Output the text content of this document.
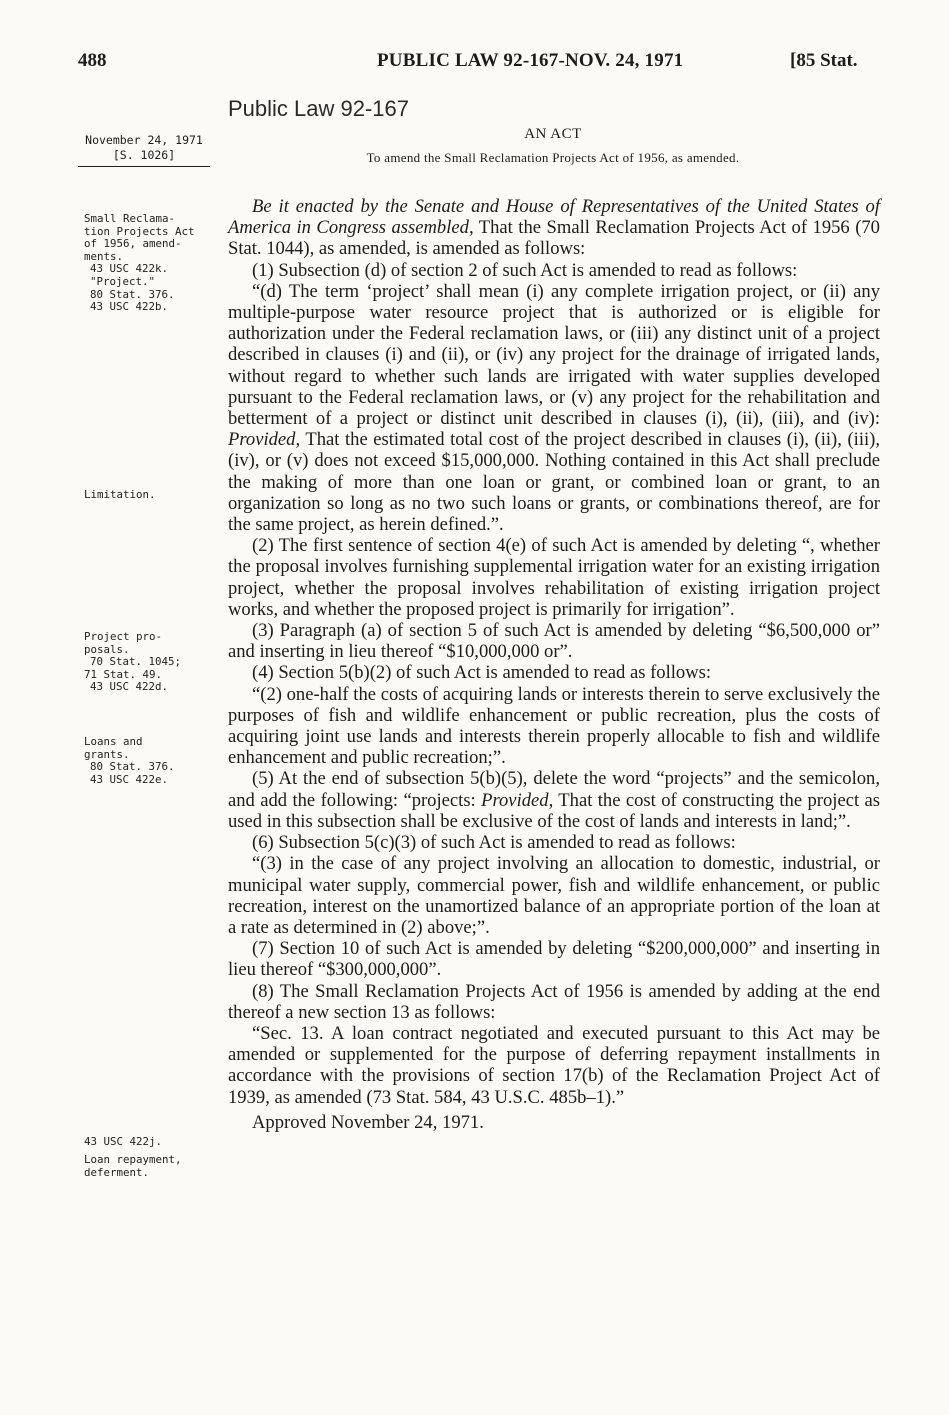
488	PUBLIC LAW 92-167-NOV. 24, 1971	[85 Stat.
Public Law 92-167
November 24, 1971
[S. 1026]
AN ACT
To amend the Small Reclamation Projects Act of 1956, as amended.

Be it enacted by the Senate and House of Representatives of the United States of America in Congress assembled, That the Small Reclamation Projects Act of 1956 (70 Stat. 1044), as amended, is amended as follows:

(1) Subsection (d) of section 2 of such Act is amended to read as follows:

“(d) The term ‘project’ shall mean (i) any complete irrigation project, or (ii) any multiple-purpose water resource project that is authorized or is eligible for authorization under the Federal reclamation laws, or (iii) any distinct unit of a project described in clauses (i) and (ii), or (iv) any project for the drainage of irrigated lands, without regard to whether such lands are irrigated with water supplies developed pursuant to the Federal reclamation laws, or (v) any project for the rehabilitation and betterment of a project or distinct unit described in clauses (i), (ii), (iii), and (iv): Provided, That the estimated total cost of the project described in clauses (i), (ii), (iii), (iv), or (v) does not exceed $15,000,000. Nothing contained in this Act shall preclude the making of more than one loan or grant, or combined loan or grant, to an organization so long as no two such loans or grants, or combinations thereof, are for the same project, as herein defined.”.

(2) The first sentence of section 4(e) of such Act is amended by deleting “, whether the proposal involves furnishing supplemental irrigation water for an existing irrigation project, whether the proposal involves rehabilitation of existing irrigation project works, and whether the proposed project is primarily for irrigation”.

(3) Paragraph (a) of section 5 of such Act is amended by deleting “$6,500,000 or” and inserting in lieu thereof “$10,000,000 or”.

(4) Section 5(b)(2) of such Act is amended to read as follows:

“(2) one-half the costs of acquiring lands or interests therein to serve exclusively the purposes of fish and wildlife enhancement or public recreation, plus the costs of acquiring joint use lands and interests therein properly allocable to fish and wildlife enhancement and public recreation;”.

(5) At the end of subsection 5(b)(5), delete the word “projects” and the semicolon, and add the following: “projects: Provided, That the cost of constructing the project as used in this subsection shall be exclusive of the cost of lands and interests in land;”.

(6) Subsection 5(c)(3) of such Act is amended to read as follows:

“(3) in the case of any project involving an allocation to domestic, industrial, or municipal water supply, commercial power, fish and wildlife enhancement, or public recreation, interest on the unamortized balance of an appropriate portion of the loan at a rate as determined in (2) above;”.

(7) Section 10 of such Act is amended by deleting “$200,000,000” and inserting in lieu thereof “$300,000,000”.

(8) The Small Reclamation Projects Act of 1956 is amended by adding at the end thereof a new section 13 as follows:

“Sec. 13. A loan contract negotiated and executed pursuant to this Act may be amended or supplemented for the purpose of deferring repayment installments in accordance with the provisions of section 17(b) of the Reclamation Project Act of 1939, as amended (73 Stat. 584, 43 U.S.C. 485b–1).”

Approved November 24, 1971.

Small Reclama-
tion Projects Act
of 1956, amend-
ments.
43 USC 422k.
"Project."
80 Stat. 376.
43 USC 422b.
Limitation.
Project pro-
posals.
70 Stat. 1045;
71 Stat. 49.
43 USC 422d.
Loans and
grants.
80 Stat. 376.
43 USC 422e.
43 USC 422j.
Loan repayment,
deferment.
